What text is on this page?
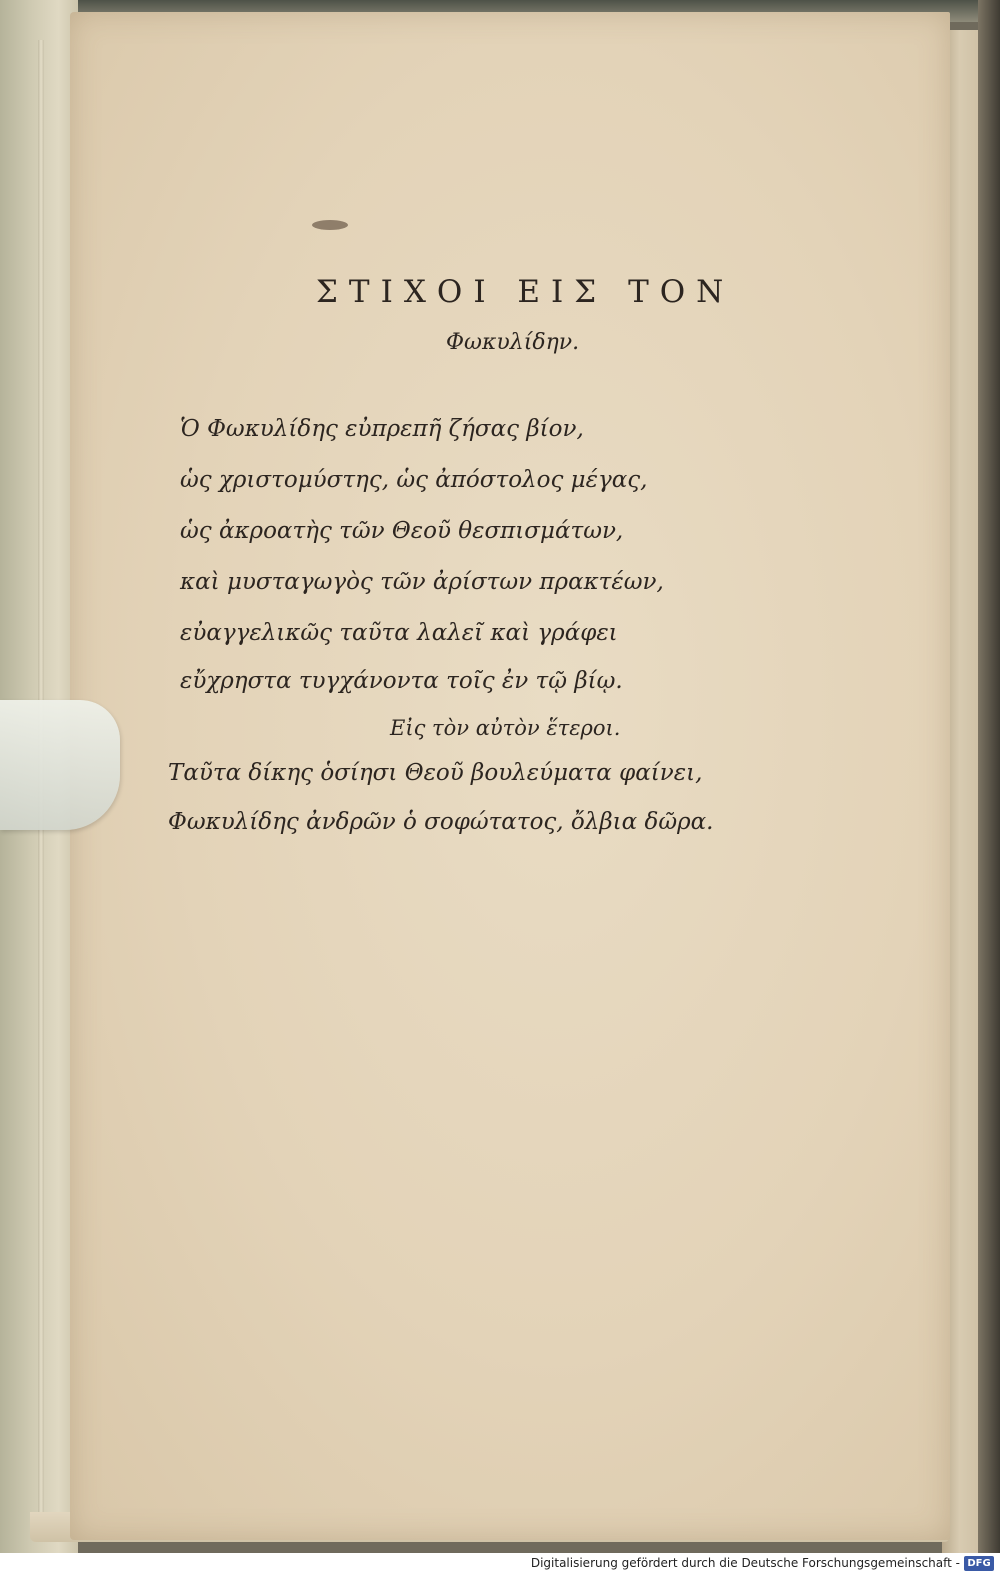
ΣΤΙΧΟΙ ΕΙΣ ΤΟΝ
Φωκυλίδην.
Ὁ Φωκυλίδης εὐπρεπῆ ζήσας βίον,
ὡς χριστομύστης, ὡς ἀπόστολος μέγας,
ὡς ἀκροατὴς τῶν Θεοῦ θεσπισμάτων,
καὶ μυσταγωγὸς τῶν ἀρίστων πρακτέων,
εὐαγγελικῶς ταῦτα λαλεῖ καὶ γράφει
εὔχρηστα τυγχάνοντα τοῖς ἐν τῷ βίῳ.
Εἰς τὸν αὐτὸν ἕτεροι.
Ταῦτα δίκης ὁσίησι Θεοῦ βουλεύματα φαίνει,
Φωκυλίδης ἀνδρῶν ὁ σοφώτατος, ὄλβια δῶρα.
Digitalisierung gefördert durch die Deutsche Forschungsgemeinschaft - DFG
